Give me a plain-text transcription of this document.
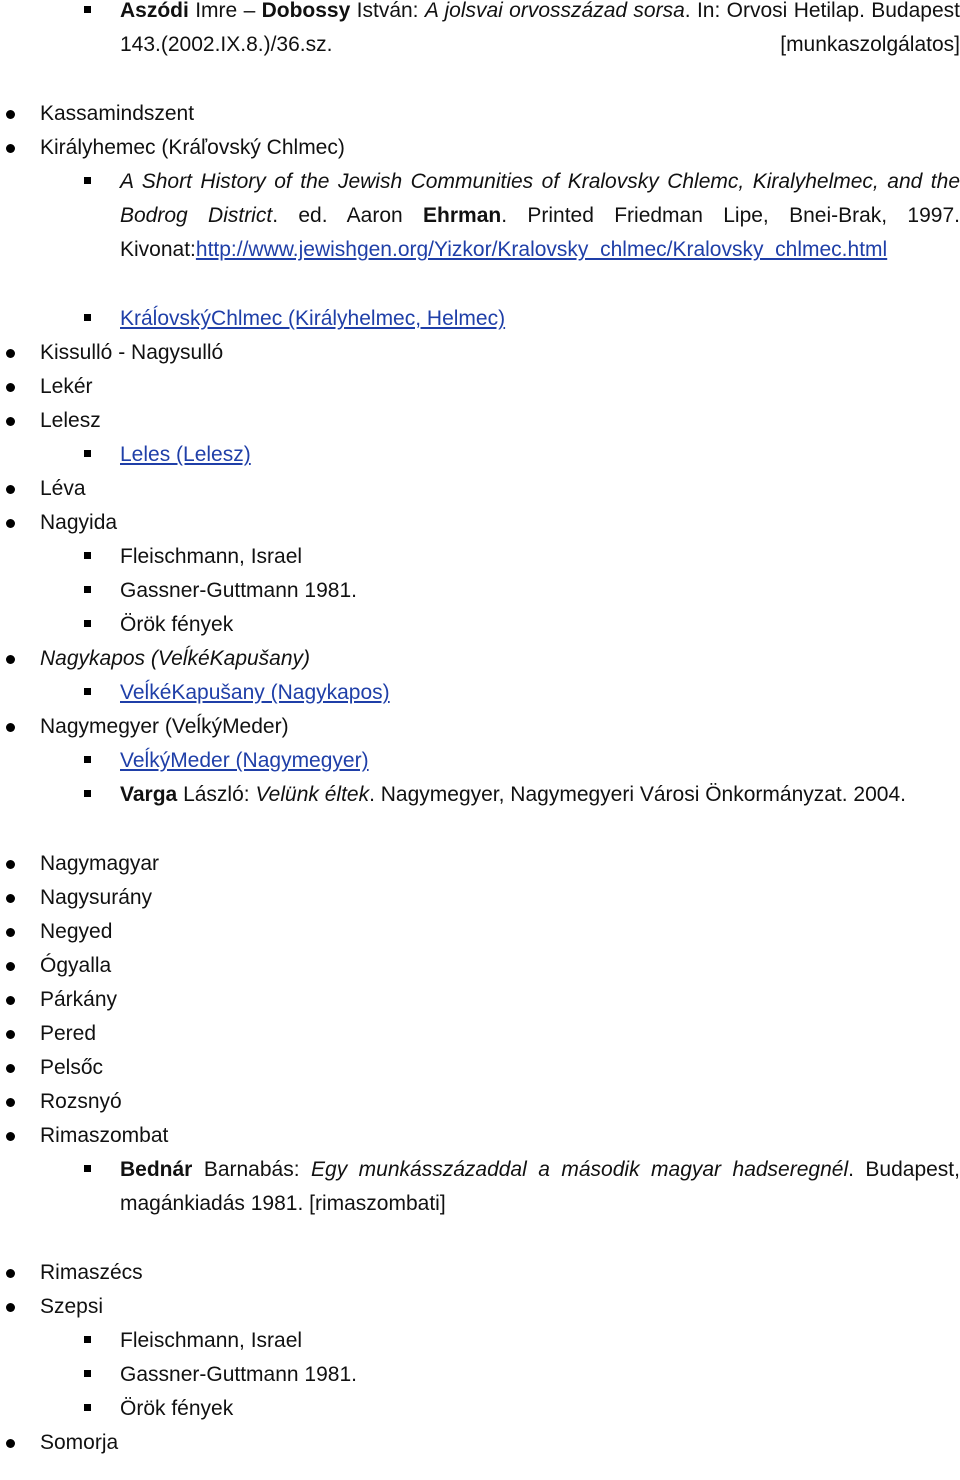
Aszódi Imre – Dobossy István: A jolsvai orvosszázad sorsa. In: Orvosi Hetilap. Budapest 143.(2002.IX.8.)/36.sz. [munkaszolgálatos]
Kassamindszent
Királyhemec (Kráľovský Chlmec)
A Short History of the Jewish Communities of Kralovsky Chlemc, Kiralyhelmec, and the Bodrog District. ed. Aaron Ehrman. Printed Friedman Lipe, Bnei-Brak, 1997. Kivonat:http://www.jewishgen.org/Yizkor/Kralovsky_chlmec/Kralovsky_chlmec.html
KráĺovskýChlmec (Királyhelmec, Helmec)
Kissulló - Nagysulló
Lekér
Lelesz
Leles (Lelesz)
Léva
Nagyida
Fleischmann, Israel
Gassner-Guttmann 1981.
Örök fények
Nagykapos (VeĺkéKapušany)
VeĺkéKapušany (Nagykapos)
Nagymegyer (VeĺkýMeder)
VeĺkýMeder (Nagymegyer)
Varga László: Velünk éltek. Nagymegyer, Nagymegyeri Városi Önkormányzat. 2004.
Nagymagyar
Nagysurány
Negyed
Ógyalla
Párkány
Pered
Pelsőc
Rozsnyó
Rimaszombat
Bednár Barnabás: Egy munkásszázaddal a második magyar hadseregnél. Budapest, magánkiadás 1981. [rimaszombati]
Rimaszécs
Szepsi
Fleischmann, Israel
Gassner-Guttmann 1981.
Örök fények
Somorja
